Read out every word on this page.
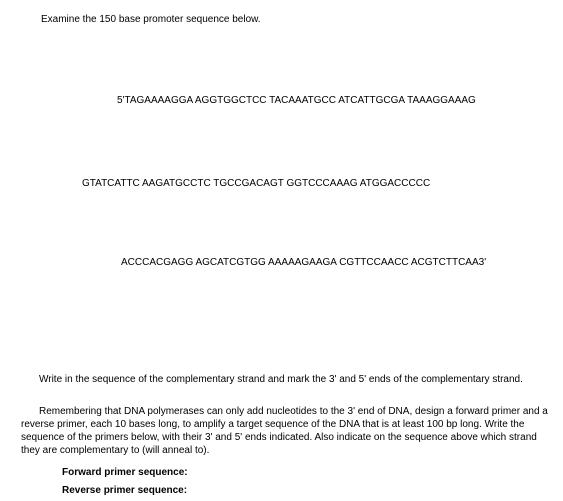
Examine the 150 base promoter sequence below.
5'TAGAAAAGGA AGGTGGCTCC TACAAATGCC ATCATTGCGA TAAAGGAAAG
GTATCATTC AAGATGCCTC TGCCGACAGT GGTCCCAAAG ATGGACCCCC
ACCCACGAGG AGCATCGTGG AAAAAGAAGA CGTTCCAACC ACGTCTTCAA3'
Write in the sequence of the complementary strand and mark the 3' and 5' ends of the complementary strand.
Remembering that DNA polymerases can only add nucleotides to the 3' end of DNA, design a forward primer and a reverse primer, each 10 bases long, to amplify a target sequence of the DNA that is at least 100 bp long. Write the sequence of the primers below, with their 3' and 5' ends indicated. Also indicate on the sequence above which strand they are complementary to (will anneal to).
Forward primer sequence:
Reverse primer sequence:
